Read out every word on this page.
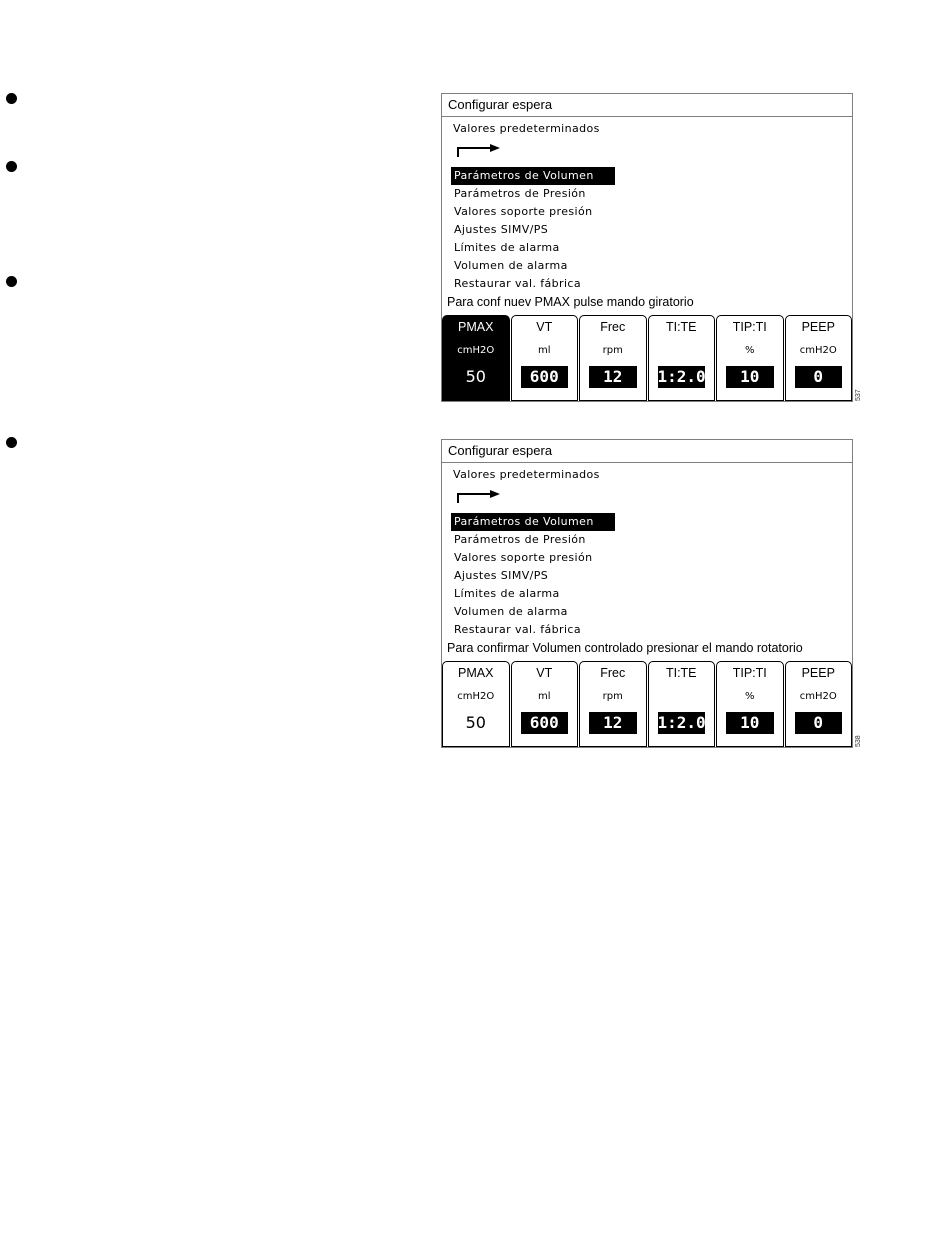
Configurar espera
Valores predeterminados
Parámetros de Volumen
Parámetros de Presión
Valores soporte presión
Ajustes SIMV/PS
Límites de alarma
Volumen de alarma
Restaurar val. fábrica
Para conf nuev PMAX pulse mando giratorio
PMAX
cmH2O
50
VT
ml
600
Frec
rpm
12
TI:TE
1:2.0
TIP:TI
%
10
PEEP
cmH2O
0
537
Configurar espera
Valores predeterminados
Parámetros de Volumen
Parámetros de Presión
Valores soporte presión
Ajustes SIMV/PS
Límites de alarma
Volumen de alarma
Restaurar val. fábrica
Para confirmar Volumen controlado presionar el mando rotatorio
PMAX
cmH2O
50
VT
ml
600
Frec
rpm
12
TI:TE
1:2.0
TIP:TI
%
10
PEEP
cmH2O
0
538
